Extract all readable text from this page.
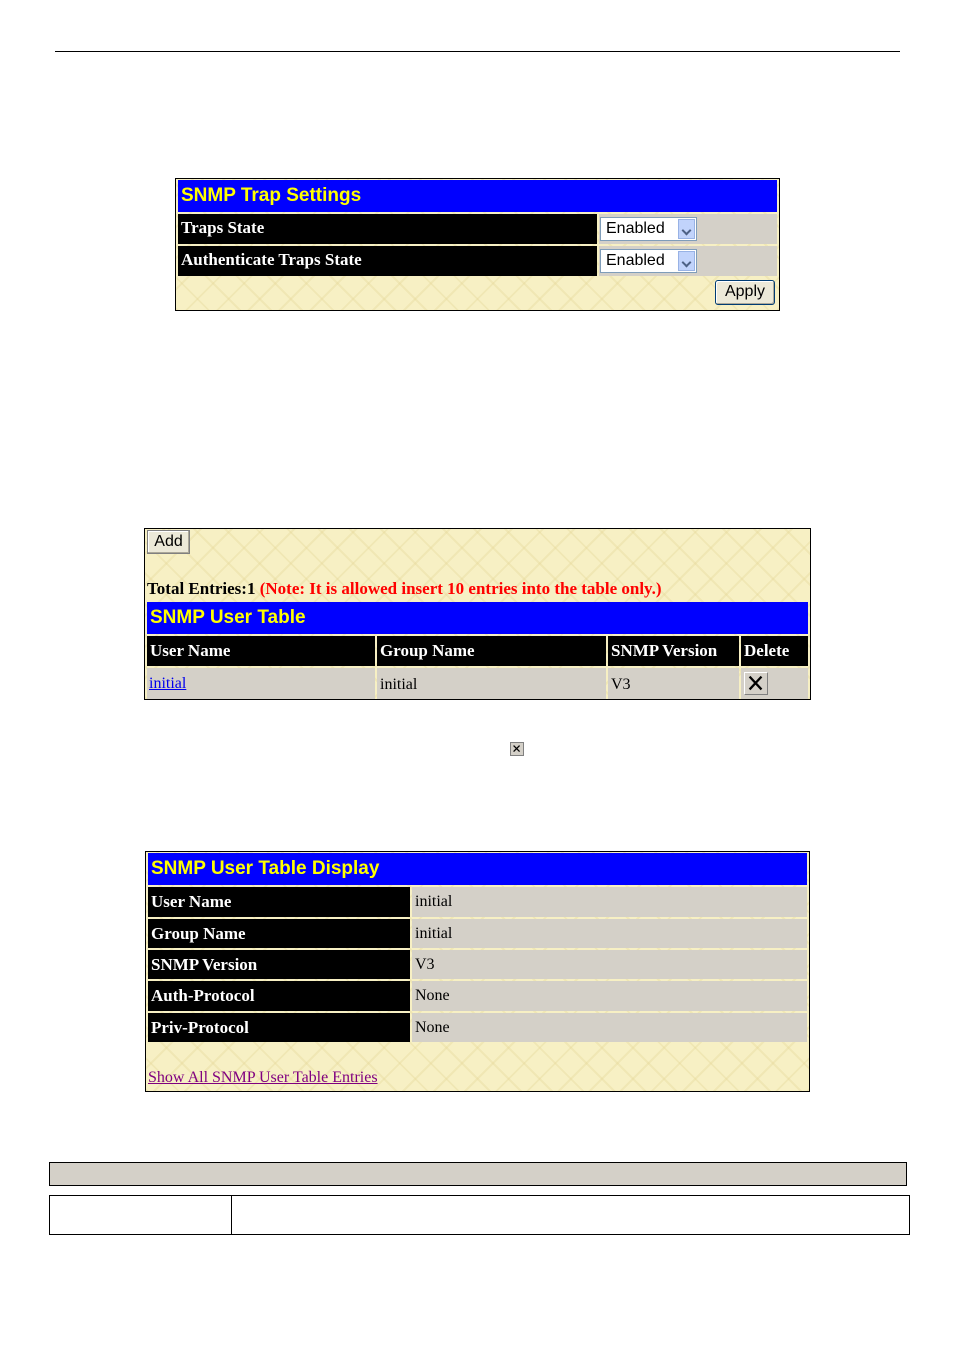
SNMP Trap Settings
Traps State	Enabled
Authenticate Traps State	Enabled
Apply
Add
Total Entries:1 (Note: It is allowed insert 10 entries into the table only.)
SNMP User Table
User Name	Group Name	SNMP Version	Delete
initial	initial	V3
SNMP User Table Display
User Name	initial
Group Name	initial
SNMP Version	V3
Auth-Protocol	None
Priv-Protocol	None
Show All SNMP User Table Entries
